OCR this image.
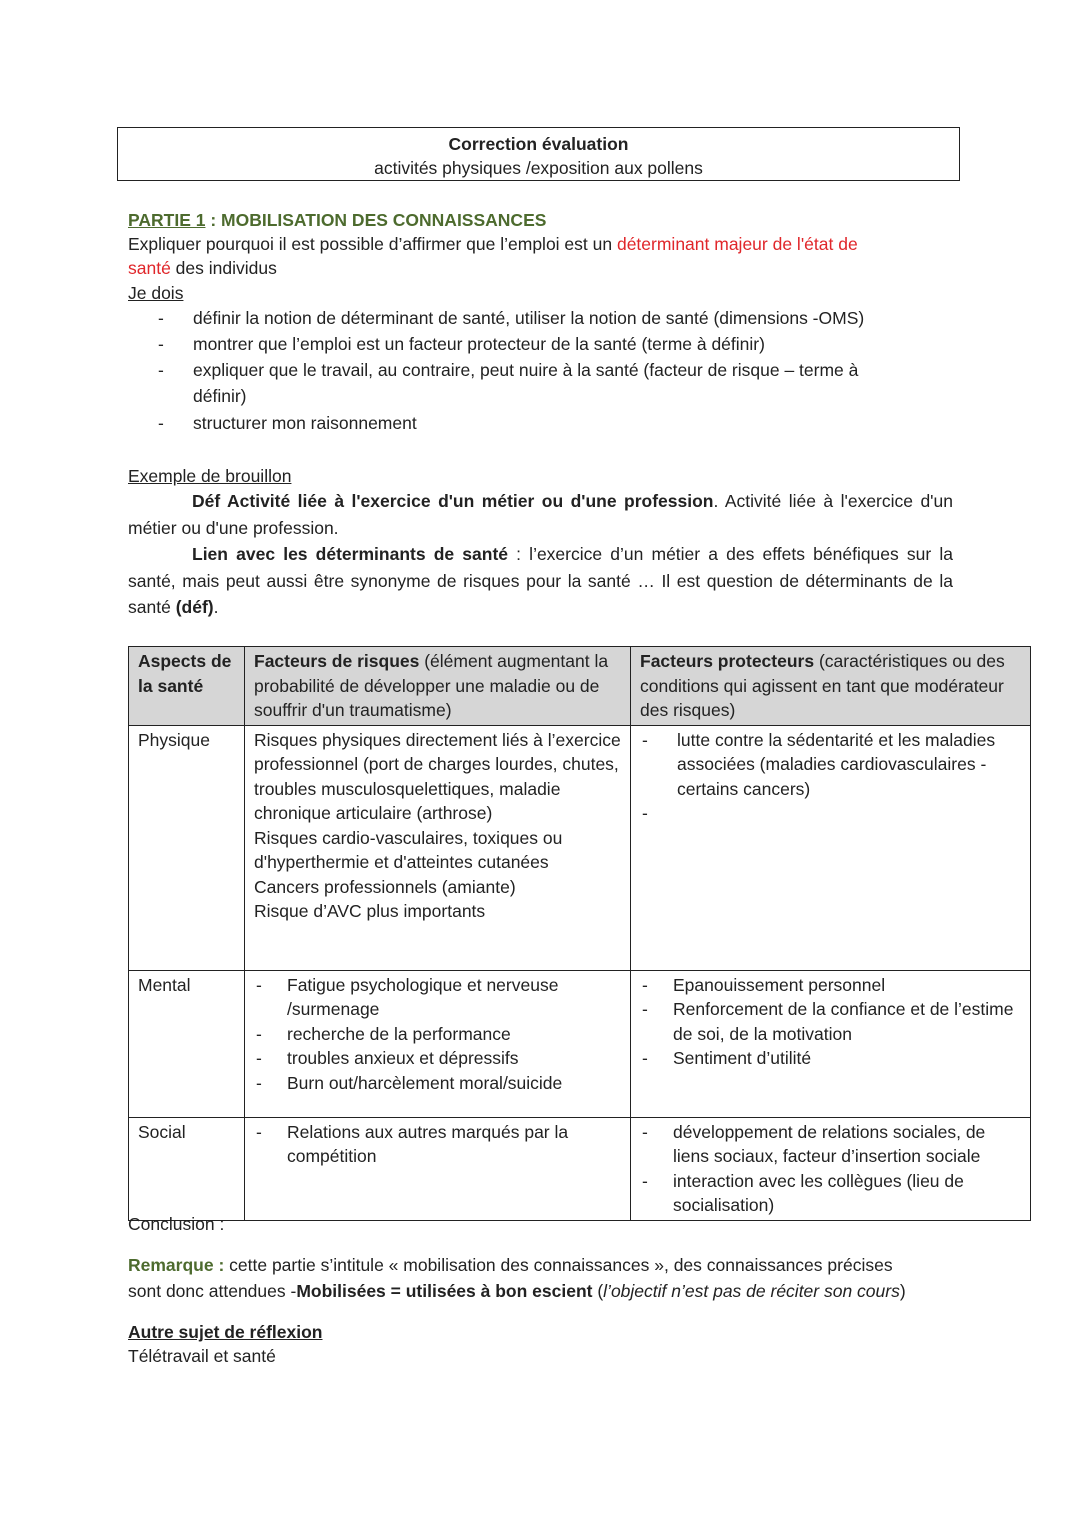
Correction évaluation
activités physiques /exposition aux pollens
PARTIE 1 : MOBILISATION DES CONNAISSANCES
Expliquer pourquoi il est possible d’affirmer que l’emploi est un déterminant majeur de l'état de
santé des individus
Je dois
- définir la notion de déterminant de santé, utiliser la notion de santé (dimensions -OMS)
- montrer que l’emploi est un facteur protecteur de la santé (terme à définir)
- expliquer que le travail, au contraire, peut nuire à la santé (facteur de risque – terme à
définir)
- structurer mon raisonnement
Exemple de brouillon
Déf Activité liée à l'exercice d'un métier ou d'une profession. Activité liée à l'exercice d'un métier ou d'une profession.
Lien avec les déterminants de santé : l’exercice d’un métier a des effets bénéfiques sur la santé, mais peut aussi être synonyme de risques pour la santé … Il est question de déterminants de la santé (déf).
Aspects de la santé	Facteurs de risques (élément augmentant la probabilité de développer une maladie ou de souffrir d'un traumatisme)	Facteurs protecteurs (caractéristiques ou des conditions qui agissent en tant que modérateur des risques)
Physique	Risques physiques directement liés à l’exercice professionnel (port de charges lourdes, chutes, troubles musculosquelettiques, maladie chronique articulaire (arthrose)
Risques cardio-vasculaires, toxiques ou d'hyperthermie et d'atteintes cutanées
Cancers professionnels (amiante)
Risque d’AVC plus importants	- lutte contre la sédentarité et les maladies associées (maladies cardiovasculaires - certains cancers)
-

Mental	- Fatigue psychologique et nerveuse /surmenage
- recherche de la performance
- troubles anxieux et dépressifs
- Burn out/harcèlement moral/suicide	- Epanouissement personnel
- Renforcement de la confiance et de l’estime de soi, de la motivation
- Sentiment d’utilité

Social	- Relations aux autres marqués par la compétition	- développement de relations sociales, de liens sociaux, facteur d’insertion sociale
- interaction avec les collègues (lieu de socialisation)
Conclusion :
Remarque : cette partie s’intitule « mobilisation des connaissances », des connaissances précises sont donc attendues -Mobilisées = utilisées à bon escient (l’objectif n’est pas de réciter son cours)
Autre sujet de réflexion
Télétravail et santé
